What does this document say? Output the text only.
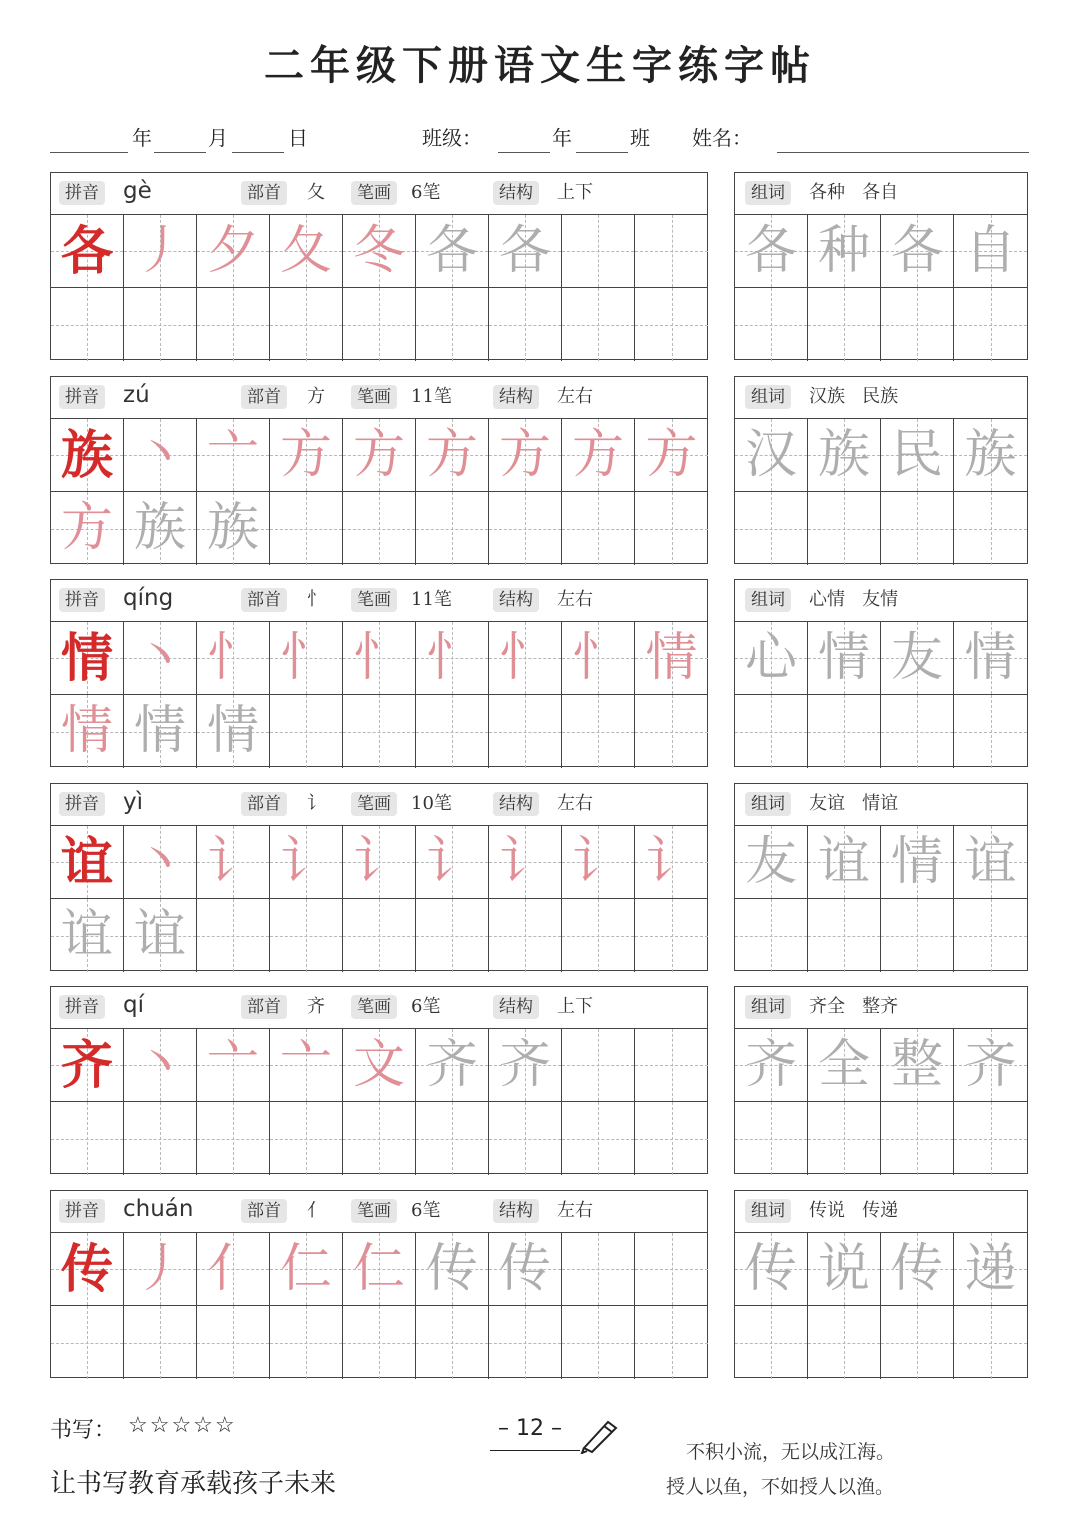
二年级下册语文生字练字帖
年	月	日	班级：	年	班 姓名：
拼音 gè	部首	夂	笔画	6笔	结构	上下
各 丿 夕 夂 冬 各 各
组词	各种   各自
各 种 各 自
拼音 zú	部首	方	笔画	11笔	结构	左右
族 丶 亠 方 方 方 方 方 方
方 族 族
组词	汉族   民族
汉 族 民 族
拼音 qíng	部首	忄	笔画	11笔	结构	左右
情 丶 忄 忄 忄 忄 忄 忄 情
情 情 情
组词	心情   友情
心 情 友 情
拼音 yì	部首	讠	笔画	10笔	结构	左右
谊 丶 讠 讠 讠 讠 讠 讠 讠
谊 谊
组词	友谊   情谊
友 谊 情 谊
拼音 qí	部首	齐	笔画	6笔	结构	上下
齐 丶 亠 亠 文 齐 齐
组词	齐全   整齐
齐 全 整 齐
拼音 chuán	部首	亻	笔画	6笔	结构	左右
传 丿 亻 仁 仁 传 传
组词	传说   传递
传 说 传 递
书写： ☆☆☆☆☆	– 12 –
让书写教育承载孩子未来
不积小流，无以成江海。
授人以鱼，不如授人以渔。
